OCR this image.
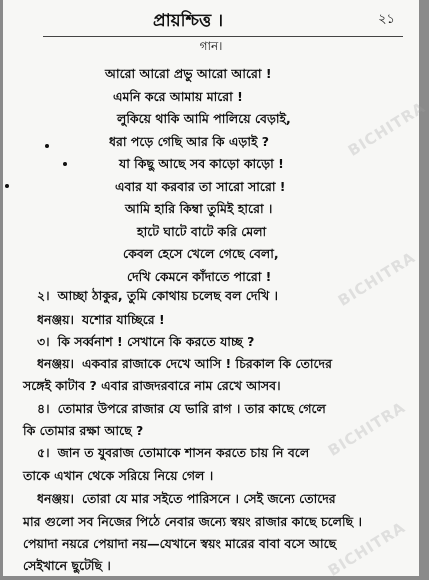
প্রায়শ্চিত্ত ।	২১
গান।
আরো আরো প্রভু আরো আরো !
এমনি করে আমায় মারো !
লুকিয়ে থাকি আমি পালিয়ে বেড়াই,
ধরা পড়ে গেছি আর কি এড়াই ?
যা কিছু আছে সব কাড়ো কাড়ো !
এবার যা করবার তা সারো সারো !
আমি হারি কিম্বা তুমিই হারো ।
হাটে ঘাটে বাটে করি মেলা
কেবল হেসে খেলে গেছে বেলা,
দেখি কেমনে কাঁদাতে পারো !
২। আচ্ছা ঠাকুর, তুমি কোথায় চলেছ বল দেখি ।
ধনঞ্জয়। যশোর যাচ্ছিরে !
৩। কি সর্ব্বনাশ ! সেখানে কি করতে যাচ্ছ ?
ধনঞ্জয়। একবার রাজাকে দেখে আসি ! চিরকাল কি তোদের
সঙ্গেই কাটাব ? এবার রাজদরবারে নাম রেখে আসব।
৪। তোমার উপরে রাজার যে ভারি রাগ । তার কাছে গেলে
কি তোমার রক্ষা আছে ?
৫। জান ত যুবরাজ তোমাকে শাসন করতে চায় নি বলে
তাকে এখান থেকে সরিয়ে নিয়ে গেল ।
ধনঞ্জয়। তোরা যে মার সইতে পারিসনে । সেই জন্যে তোদের
মার গুলো সব নিজের পিঠে নেবার জন্যে স্বয়ং রাজার কাছে চলেছি ।
পেয়াদা নয়রে পেয়াদা নয়—যেখানে স্বয়ং মারের বাবা বসে আছে
সেইখানে ছুটেছি ।
BICHITRA
BICHITRA
BICHITRA
BICHITRA
